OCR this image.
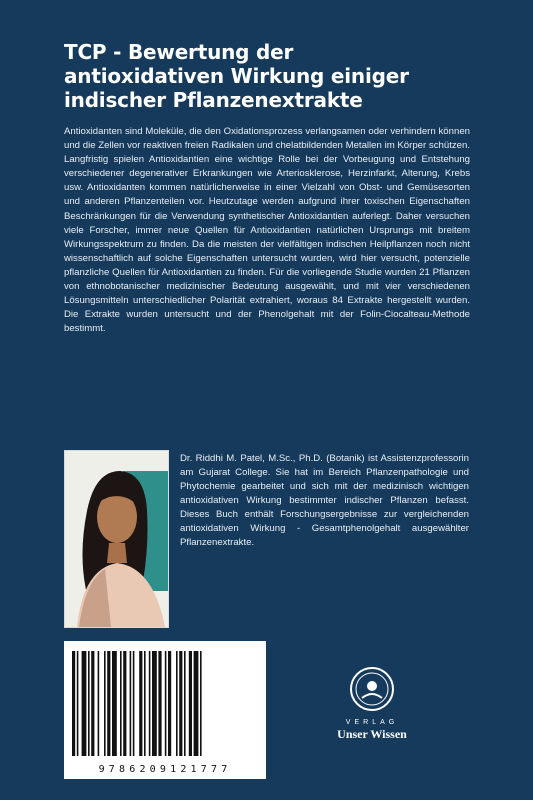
TCP - Bewertung der
antioxidativen Wirkung einiger
indischer Pflanzenextrakte
Antioxidanten sind Moleküle, die den Oxidationsprozess verlangsamen oder verhindern können und die Zellen vor reaktiven freien Radikalen und chelatbildenden Metallen im Körper schützen. Langfristig spielen Antioxidantien eine wichtige Rolle bei der Vorbeugung und Entstehung verschiedener degenerativer Erkrankungen wie Arteriosklerose, Herzinfarkt, Alterung, Krebs usw. Antioxidanten kommen natürlicherweise in einer Vielzahl von Obst- und Gemüsesorten und anderen Pflanzenteilen vor. Heutzutage werden aufgrund ihrer toxischen Eigenschaften Beschränkungen für die Verwendung synthetischer Antioxidantien auferlegt. Daher versuchen viele Forscher, immer neue Quellen für Antioxidantien natürlichen Ursprungs mit breitem Wirkungsspektrum zu finden. Da die meisten der vielfältigen indischen Heilpflanzen noch nicht wissenschaftlich auf solche Eigenschaften untersucht wurden, wird hier versucht, potenzielle pflanzliche Quellen für Antioxidantien zu finden. Für die vorliegende Studie wurden 21 Pflanzen von ethnobotanischer medizinischer Bedeutung ausgewählt, und mit vier verschiedenen Lösungsmitteln unterschiedlicher Polarität extrahiert, woraus 84 Extrakte hergestellt wurden. Die Extrakte wurden untersucht und der Phenolgehalt mit der Folin-Ciocalteau-Methode bestimmt.
Dr. Riddhi M. Patel, M.Sc., Ph.D. (Botanik) ist Assistenzprofessorin am Gujarat College. Sie hat im Bereich Pflanzenpathologie und Phytochemie gearbeitet und sich mit der medizinisch wichtigen antioxidativen Wirkung bestimmter indischer Pflanzen befasst. Dieses Buch enthält Forschungsergebnisse zur vergleichenden antioxidativen Wirkung - Gesamtphenolgehalt ausgewählter Pflanzenextrakte.
9786209121777
VERLAG
Unser Wissen
